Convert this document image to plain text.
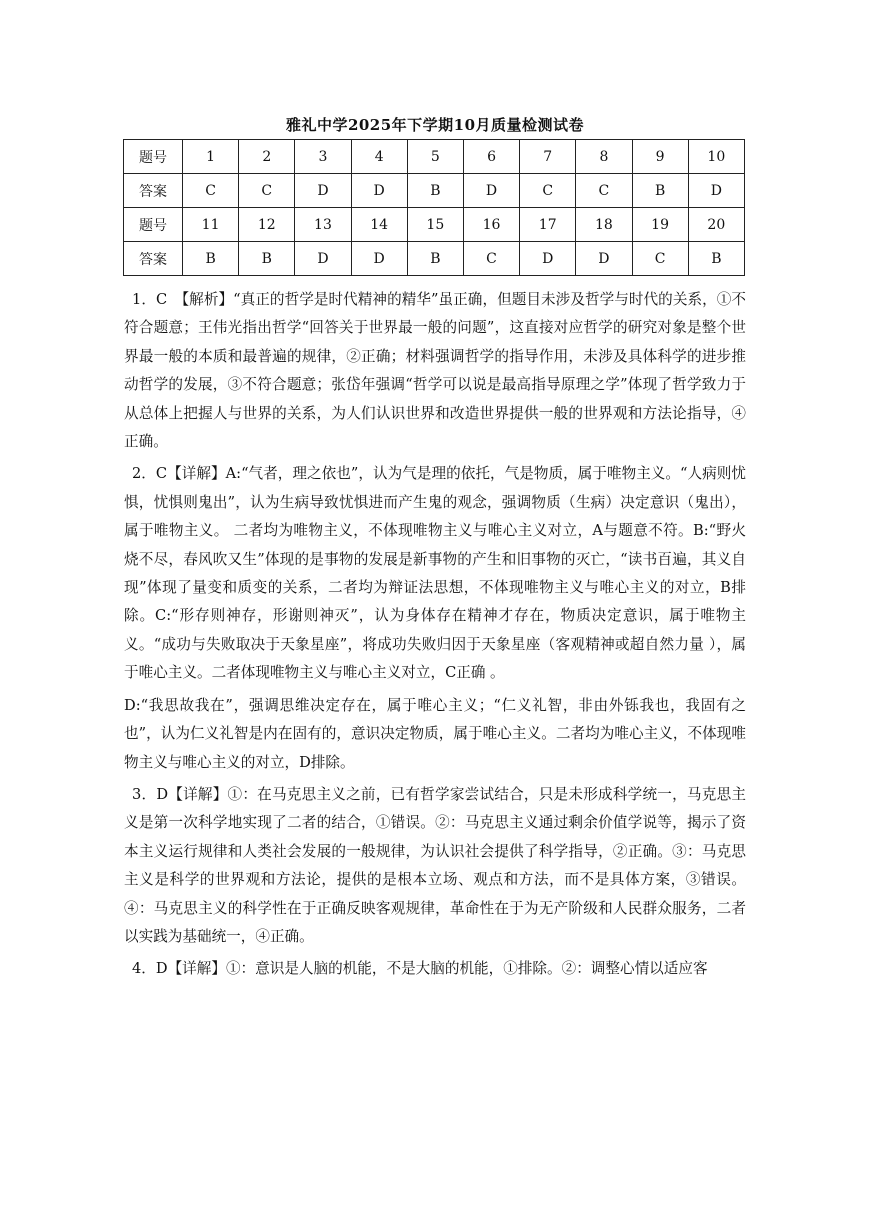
雅礼中学2025年下学期10月质量检测试卷
题号	1	2	3	4	5	6	7	8	9	10
答案	C	C	D	D	B	D	C	C	B	D
题号	11	12	13	14	15	16	17	18	19	20
答案	B	B	D	D	B	C	D	D	C	B

1．C　【解析】“真正的哲学是时代精神的精华”虽正确，但题目未涉及哲学与时代的关系，①不符合题意；王伟光指出哲学“回答关于世界最一般的问题”，这直接对应哲学的研究对象是整个世界最一般的本质和最普遍的规律，②正确；材料强调哲学的指导作用，未涉及具体科学的进步推动哲学的发展，③不符合题意；张岱年强调“哲学可以说是最高指导原理之学”体现了哲学致力于从总体上把握人与世界的关系，为人们认识世界和改造世界提供一般的世界观和方法论指导，④正确。

2．C【详解】A:“气者，理之依也”，认为气是理的依托，气是物质，属于唯物主义。“人病则忧惧，忧惧则鬼出”，认为生病导致忧惧进而产生鬼的观念，强调物质（生病）决定意识（鬼出），属于唯物主义。 二者均为唯物主义，不体现唯物主义与唯心主义对立，A与题意不符。B:“野火烧不尽，春风吹又生”体现的是事物的发展是新事物的产生和旧事物的灭亡，“读书百遍，其义自现”体现了量变和质变的关系，二者均为辩证法思想，不体现唯物主义与唯心主义的对立，B排除。C:“形存则神存，形谢则神灭”，认为身体存在精神才存在，物质决定意识，属于唯物主义。“成功与失败取决于天象星座”，将成功失败归因于天象星座（客观精神或超自然力量 ），属于唯心主义。二者体现唯物主义与唯心主义对立，C正确 。

D:“我思故我在”，强调思维决定存在，属于唯心主义；“仁义礼智，非由外铄我也，我固有之也”，认为仁义礼智是内在固有的，意识决定物质，属于唯心主义。二者均为唯心主义，不体现唯物主义与唯心主义的对立，D排除。

3．D【详解】①：在马克思主义之前，已有哲学家尝试结合，只是未形成科学统一，马克思主义是第一次科学地实现了二者的结合，①错误。②：马克思主义通过剩余价值学说等，揭示了资本主义运行规律和人类社会发展的一般规律，为认识社会提供了科学指导，②正确。③：马克思主义是科学的世界观和方法论，提供的是根本立场、观点和方法，而不是具体方案，③错误。④：马克思主义的科学性在于正确反映客观规律，革命性在于为无产阶级和人民群众服务，二者以实践为基础统一，④正确。

4．D【详解】①：意识是人脑的机能，不是大脑的机能，①排除。②：调整心情以适应客
